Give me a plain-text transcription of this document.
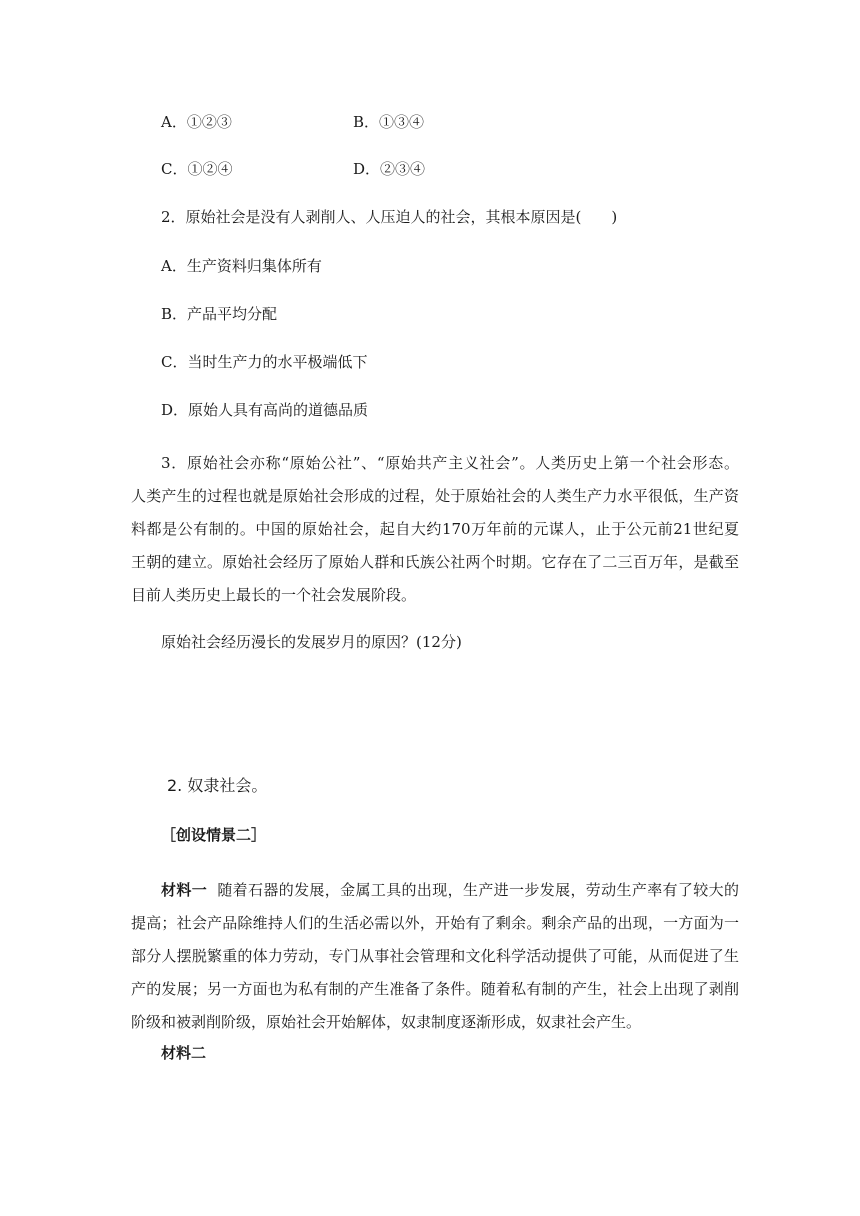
A．①②③	B．①③④
C．①②④	D．②③④
2．原始社会是没有人剥削人、人压迫人的社会，其根本原因是(　　)
A．生产资料归集体所有
B．产品平均分配
C．当时生产力的水平极端低下
D．原始人具有高尚的道德品质
3．原始社会亦称“原始公社”、“原始共产主义社会”。人类历史上第一个社会形态。
人类产生的过程也就是原始社会形成的过程，处于原始社会的人类生产力水平很低，生产资
料都是公有制的。中国的原始社会，起自大约170万年前的元谋人，止于公元前21世纪夏
王朝的建立。原始社会经历了原始人群和氏族公社两个时期。它存在了二三百万年，是截至
目前人类历史上最长的一个社会发展阶段。
原始社会经历漫长的发展岁月的原因？(12分)
2. 奴隶社会。
［创设情景二］
材料一 随着石器的发展，金属工具的出现，生产进一步发展，劳动生产率有了较大的
提高；社会产品除维持人们的生活必需以外，开始有了剩余。剩余产品的出现，一方面为一
部分人摆脱繁重的体力劳动，专门从事社会管理和文化科学活动提供了可能，从而促进了生
产的发展；另一方面也为私有制的产生准备了条件。随着私有制的产生，社会上出现了剥削
阶级和被剥削阶级，原始社会开始解体，奴隶制度逐渐形成，奴隶社会产生。
材料二
